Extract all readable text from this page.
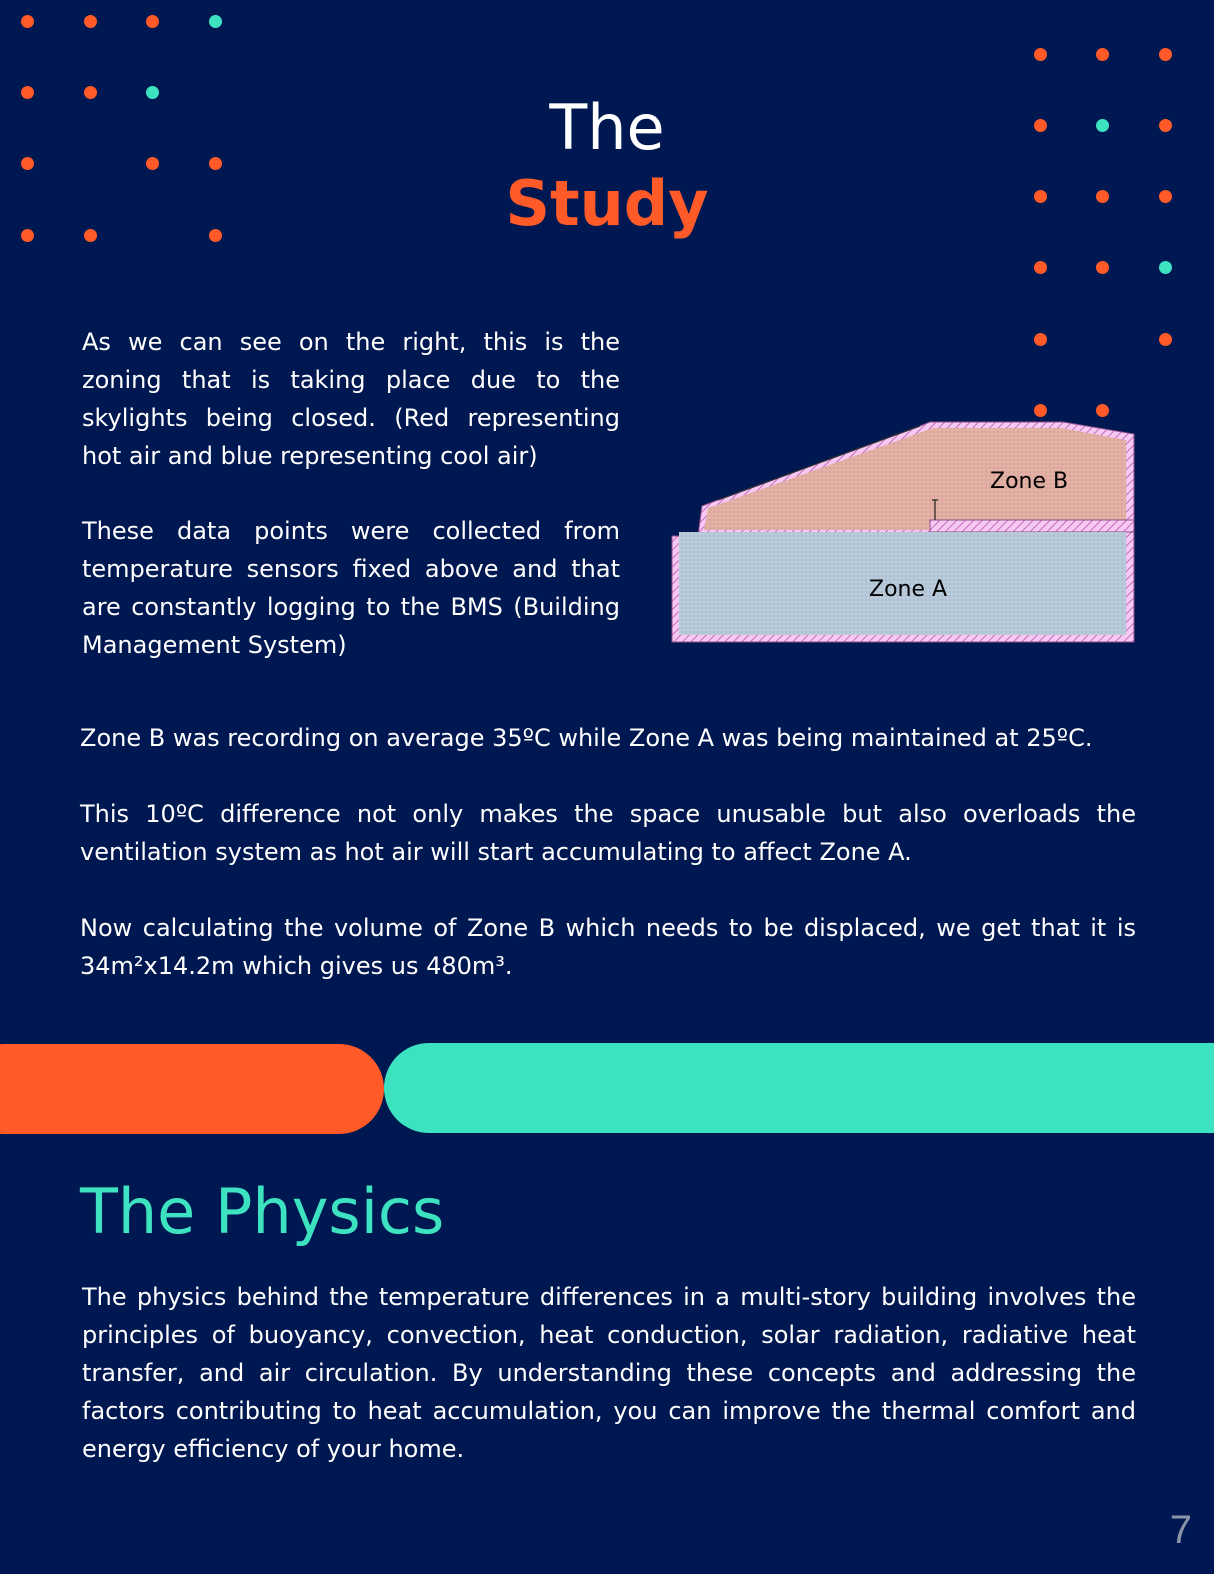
The
Study

As we can see on the right, this is the zoning that is taking place due to the skylights being closed. (Red representing hot air and blue representing cool air)

These data points were collected from temperature sensors fixed above and that are constantly logging to the BMS (Building Management System)

Zone B
Zone A

Zone B was recording on average 35ºC while Zone A was being maintained at 25ºC.

This 10ºC difference not only makes the space unusable but also overloads the ventilation system as hot air will start accumulating to affect Zone A.

Now calculating the volume of Zone B which needs to be displaced, we get that it is 34m²x14.2m which gives us 480m³.

The Physics

The physics behind the temperature differences in a multi-story building involves the principles of buoyancy, convection, heat conduction, solar radiation, radiative heat transfer, and air circulation. By understanding these concepts and addressing the factors contributing to heat accumulation, you can improve the thermal comfort and energy efficiency of your home.

7
